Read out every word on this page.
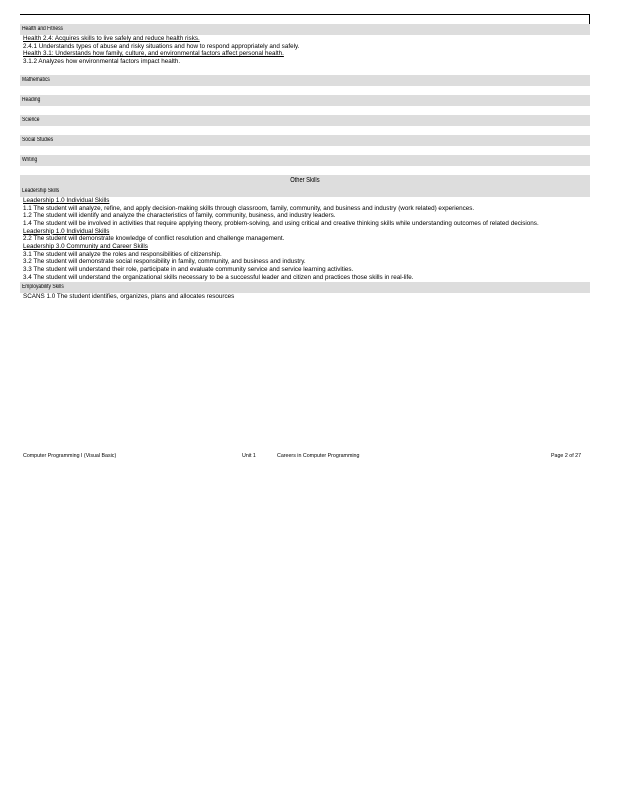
Health and Fitness
Health 2.4: Acquires skills to live safely and reduce health risks.
2.4.1 Understands types of abuse and risky situations and how to respond appropriately and safely.
Health 3.1: Understands how family, culture, and environmental factors affect personal health.
3.1.2 Analyzes how environmental factors impact health.
Mathematics
Reading
Science
Social Studies
Writing
Other Skills
Leadership Skills
Leadership 1.0 Individual Skills
1.1 The student will analyze, refine, and apply decision-making skills through classroom, family, community, and business and industry (work related) experiences.
1.2 The student will identify and analyze the characteristics of family, community, business, and industry leaders.
1.4 The student will be involved in activities that require applying theory, problem-solving, and using critical and creative thinking skills while understanding outcomes of related decisions.
Leadership 1.0 Individual Skills
2.2 The student will demonstrate knowledge of conflict resolution and challenge management.
Leadership 3.0 Community and Career Skills
3.1 The student will analyze the roles and responsibilities of citizenship.
3.2 The student will demonstrate social responsibility in family, community, and business and industry.
3.3 The student will understand their role, participate in and evaluate community service and service learning activities.
3.4 The student will understand the organizational skills necessary to be a successful leader and citizen and practices those skills in real-life.
Employability Skills
SCANS 1.0 The student identifies, organizes, plans and allocates resources
Computer Programming I (Visual Basic)	Unit 1	Careers in Computer Programming	Page 2 of 27
